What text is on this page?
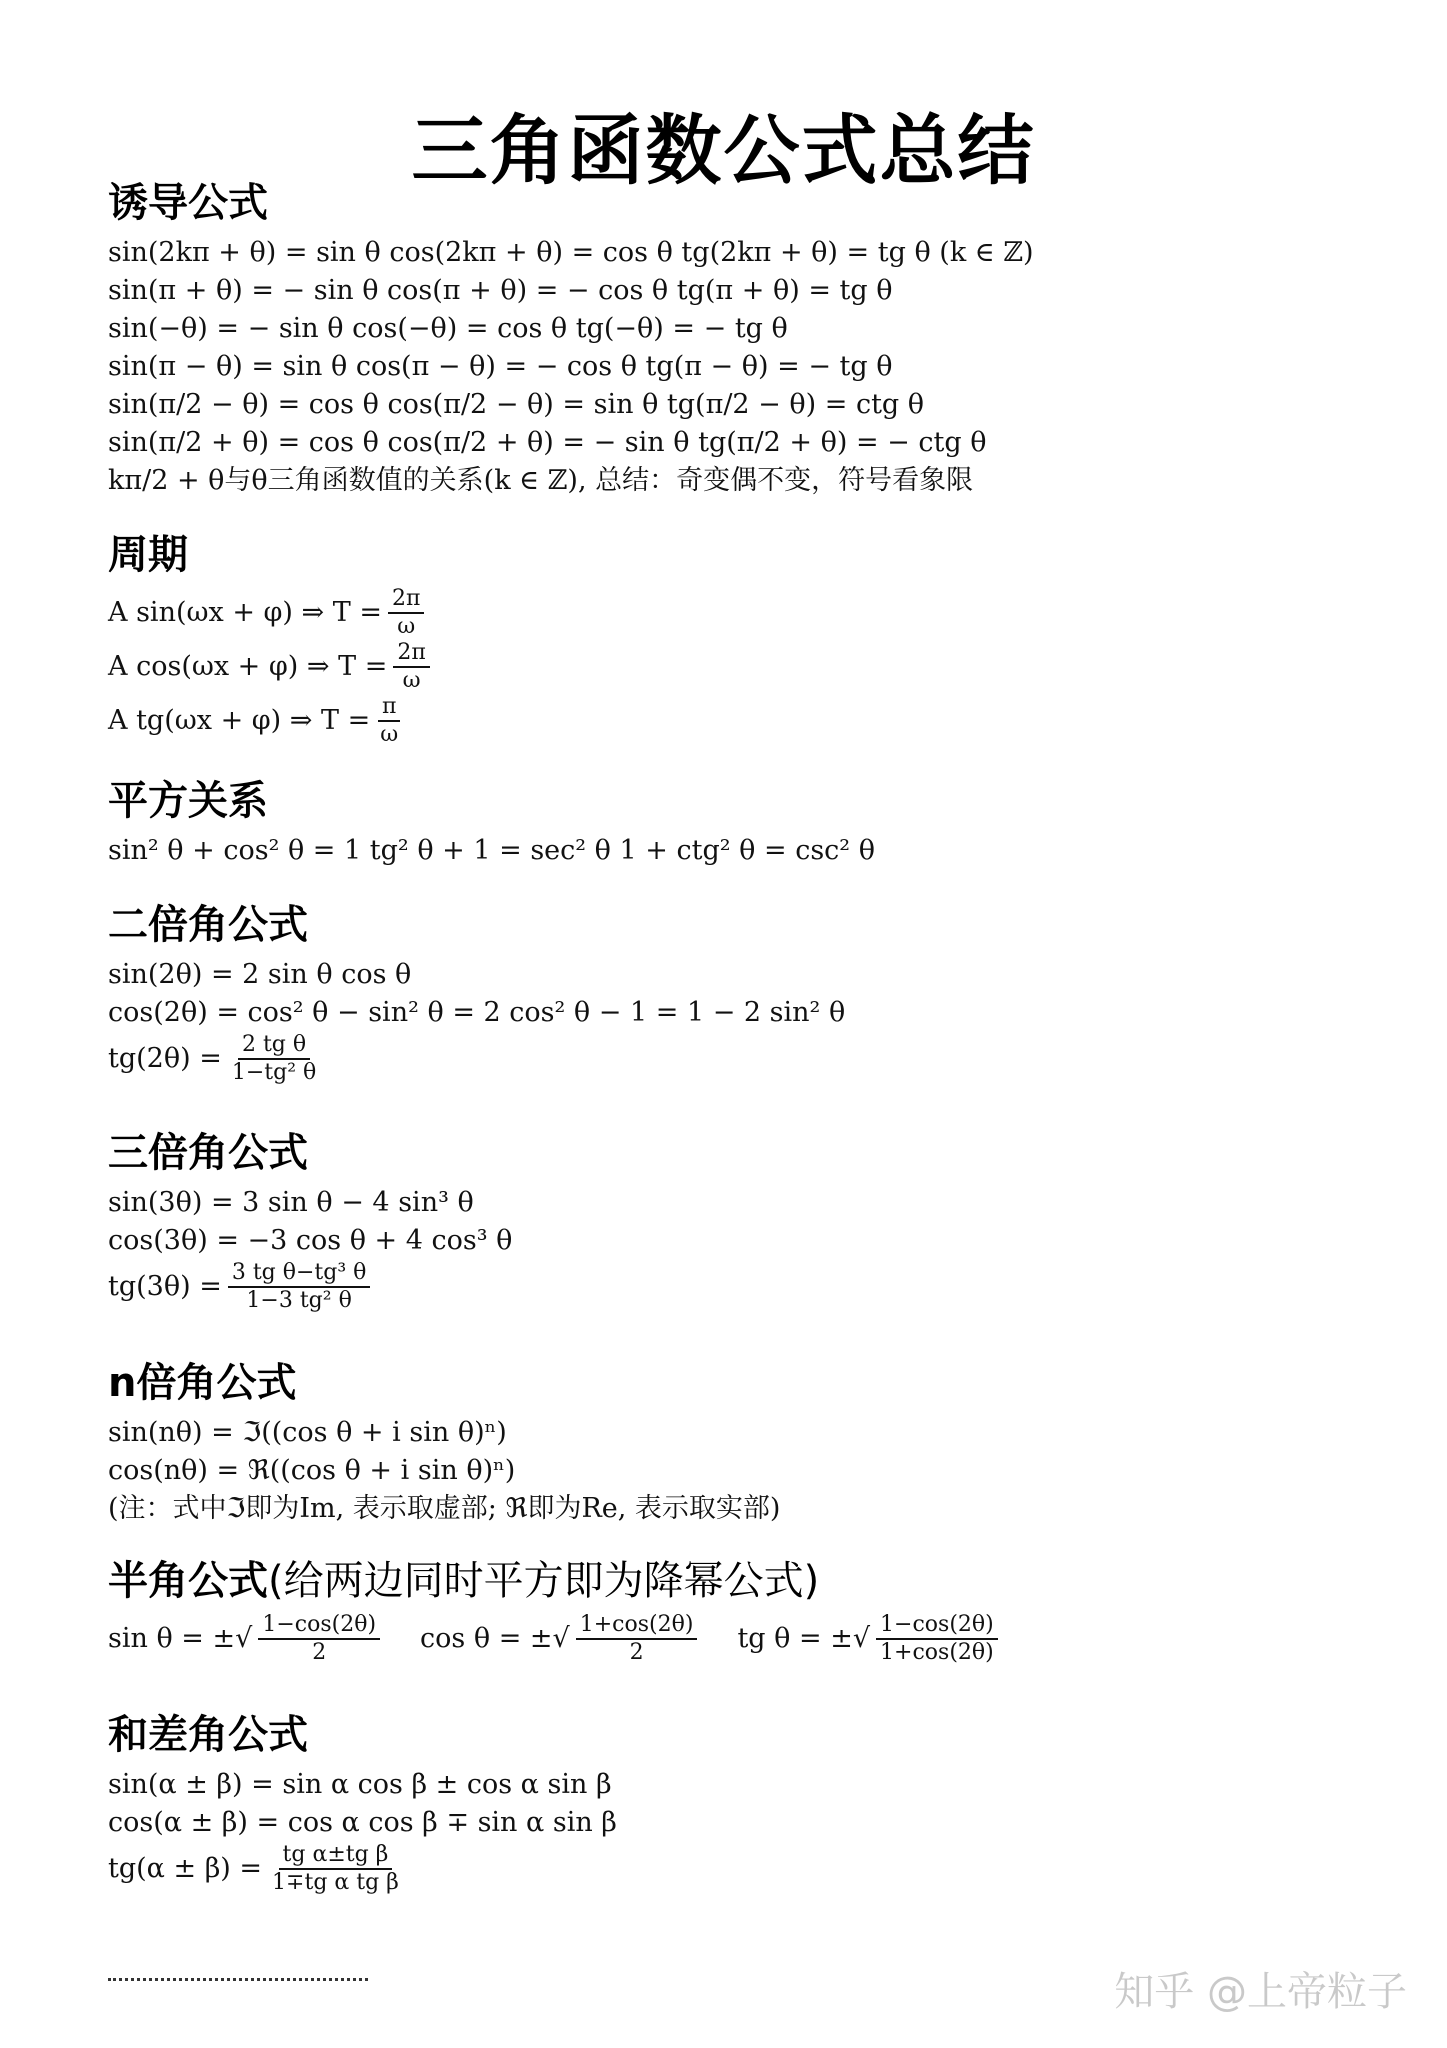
三角函数公式总结
诱导公式
sin(2kπ + θ) = sin θ cos(2kπ + θ) = cos θ tg(2kπ + θ) = tg θ (k ∈ ℤ)
sin(π + θ) = − sin θ cos(π + θ) = − cos θ tg(π + θ) = tg θ
sin(−θ) = − sin θ cos(−θ) = cos θ tg(−θ) = − tg θ
sin(π − θ) = sin θ cos(π − θ) = − cos θ tg(π − θ) = − tg θ
sin(π/2 − θ) = cos θ cos(π/2 − θ) = sin θ tg(π/2 − θ) = ctg θ
sin(π/2 + θ) = cos θ cos(π/2 + θ) = − sin θ tg(π/2 + θ) = − ctg θ
kπ/2 + θ与θ三角函数值的关系(k ∈ ℤ), 总结：奇变偶不变，符号看象限
周期
A sin(ωx + φ) ⇒ $T = \frac{2\pi}{\omega}$
A cos(ωx + φ) ⇒ $T = \frac{2\pi}{\omega}$
A tg(ωx + φ) ⇒ $T = \frac{\pi}{\omega}$
平方关系
sin² θ + cos² θ = 1 tg² θ + 1 = sec² θ 1 + ctg² θ = csc² θ
二倍角公式
sin(2θ) = 2 sin θ cos θ
cos(2θ) = cos² θ − sin² θ = 2 cos² θ − 1 = 1 − 2 sin² θ
$tg(2\theta) = \frac{\text{2 tg θ}}{\text{1−tg² θ}}$
三倍角公式
sin(3θ) = 3 sin θ − 4 sin³ θ
cos(3θ) = −3 cos θ + 4 cos³ θ
$tg(3\theta) = \frac{\text{3 tg θ−tg³ θ}}{\text{1−3 tg² θ}}$
n倍角公式
sin(nθ) = ℑ((cos θ + i sin θ)ⁿ)
cos(nθ) = ℜ((cos θ + i sin θ)ⁿ)
(注：式中ℑ即为Im, 表示取虚部; ℜ即为Re, 表示取实部)
半角公式(给两边同时平方即为降幂公式)
sin θ = ±√ $\frac{1-\cos(2\theta)}{2}$ cos θ = ±√ $\frac{1+\cos(2\theta)}{2}$ tg θ = ±√ $\frac{1-\cos(2\theta)}{1+\cos(2\theta)}$
和差角公式
sin(α ± β) = sin α cos β ± cos α sin β
cos(α ± β) = cos α cos β ∓ sin α sin β
$tg(\alpha \pm \beta) = \frac{\text{tg α±tg β}}{\text{1∓tg α tg β}}$
知乎 @上帝粒子
